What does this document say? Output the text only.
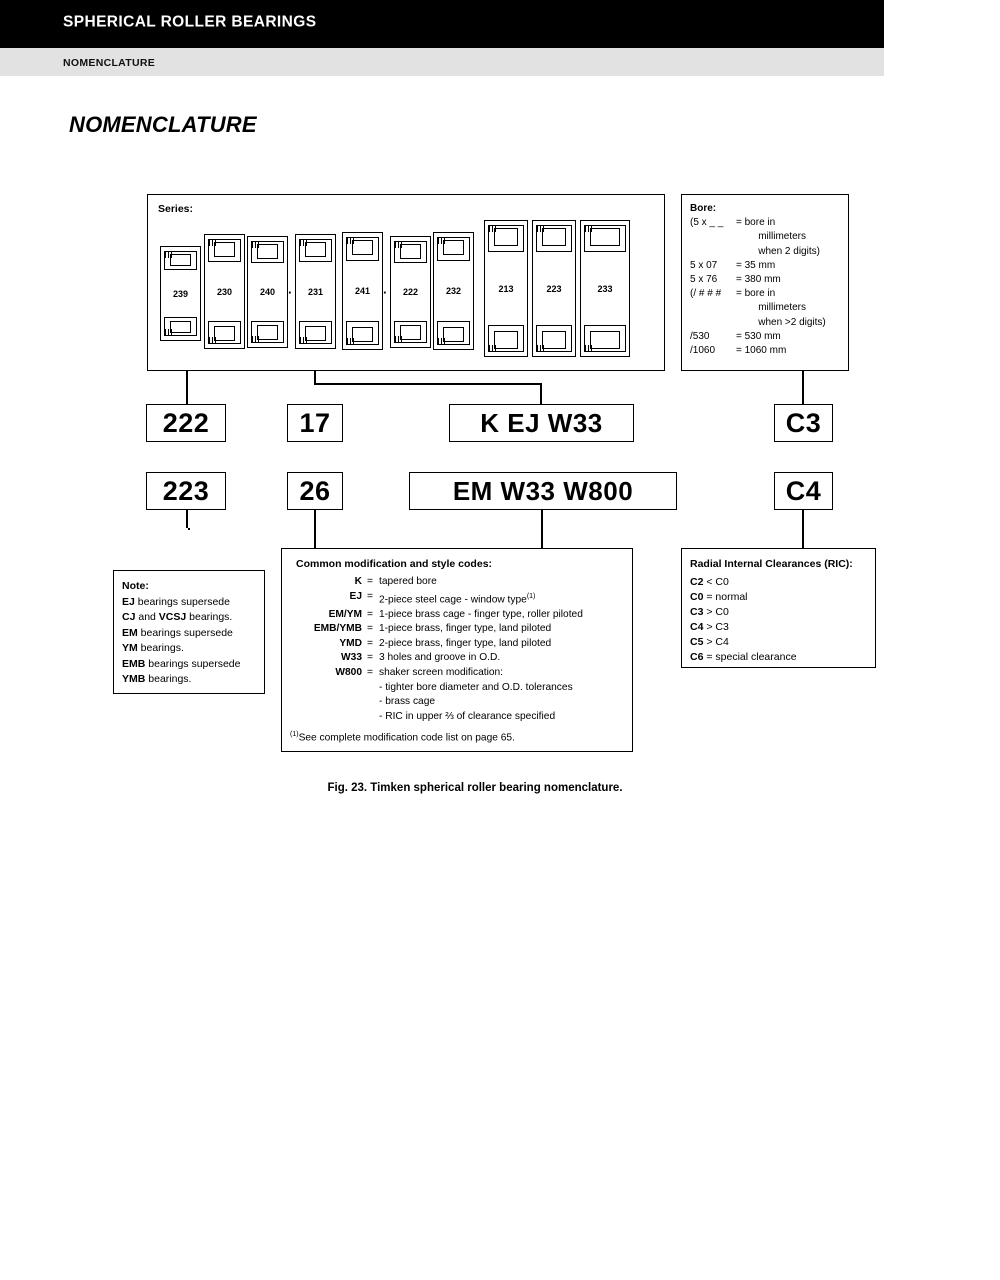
SPHERICAL ROLLER BEARINGS
NOMENCLATURE
NOMENCLATURE
Series:
239	230	240	231	241	222	232	213	223	233
·	·
Bore:
(5 x _ _	= bore in
millimeters
when 2 digits)
5 x 07	= 35 mm
5 x 76	= 380 mm
(/ # # #	= bore in
millimeters
when >2 digits)
/530	= 530 mm
/1060	= 1060 mm
222
223
17
26
K EJ W33
EM W33 W800
C3
C4
Note:
EJ bearings supersede
CJ and VCSJ bearings.
EM bearings supersede
YM bearings.
EMB bearings supersede
YMB bearings.
Common modification and style codes:
K = tapered bore
EJ = 2-piece steel cage - window type$^{(1)}$
EM/YM = 1-piece brass cage - finger type, roller piloted
EMB/YMB = 1-piece brass, finger type, land piloted
YMD = 2-piece brass, finger type, land piloted
W33 = 3 holes and groove in O.D.
W800 = shaker screen modification:
- tighter bore diameter and O.D. tolerances
- brass cage
- RIC in upper ⅔ of clearance specified
$^{(1)}$See complete modification code list on page 65.
Radial Internal Clearances (RIC):
C2 < C0
C0 = normal
C3 > C0
C4 > C3
C5 > C4
C6 = special clearance
Fig. 23. Timken spherical roller bearing nomenclature.
